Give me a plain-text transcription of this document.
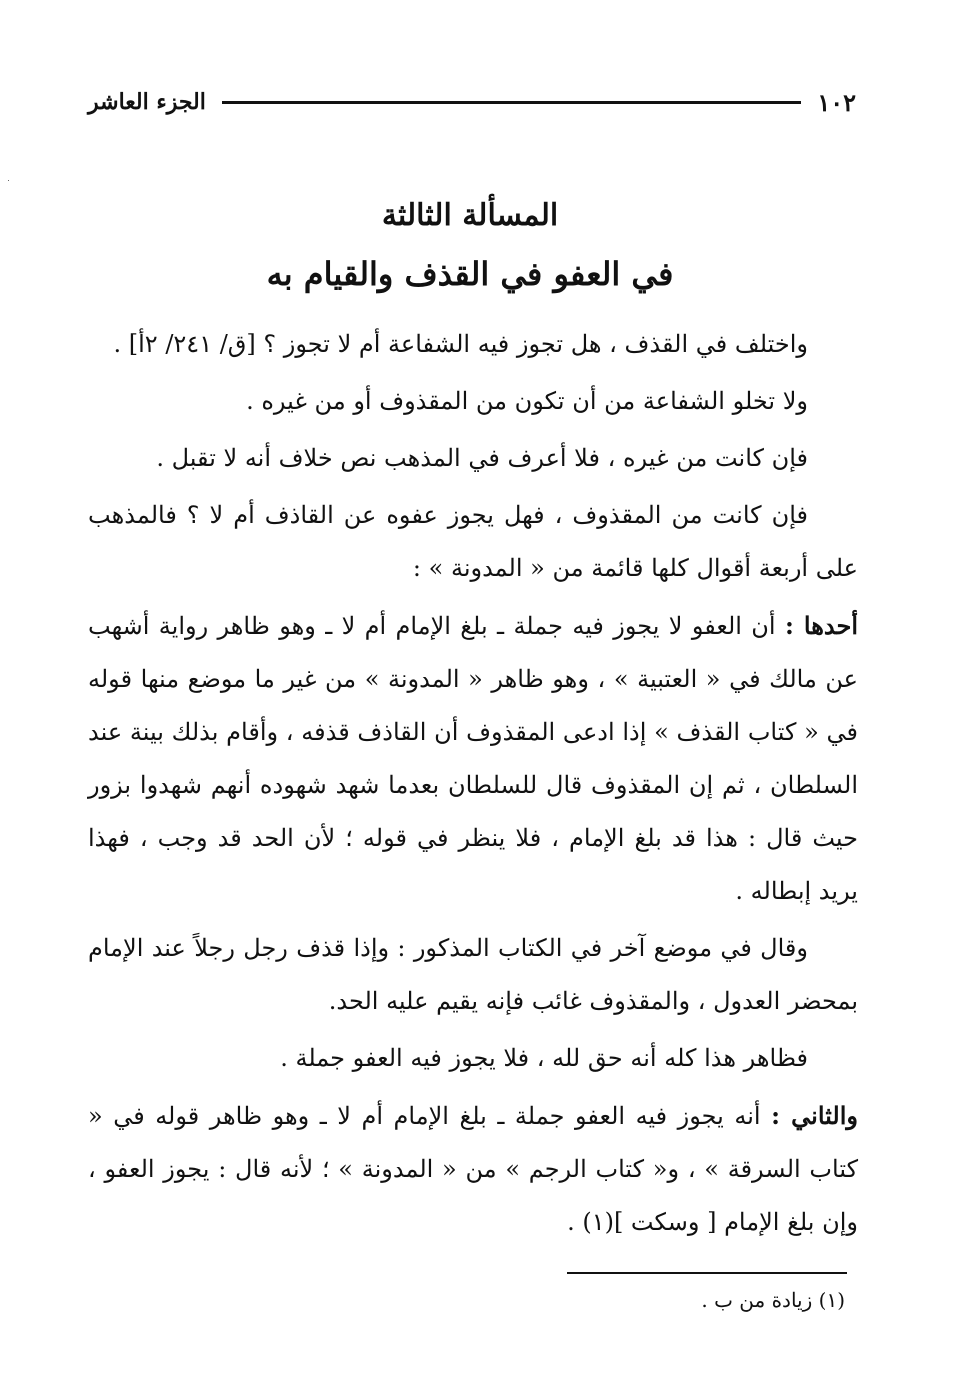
الجزء العاشر	١٠٢
المسألة الثالثة
في العفو في القذف والقيام به

واختلف في القذف ، هل تجوز فيه الشفاعة أم لا تجوز ؟ [ق/ ٢٤١/ ٢أ] .

ولا تخلو الشفاعة من أن تكون من المقذوف أو من غيره .

فإن كانت من غيره ، فلا أعرف في المذهب نص خلاف أنه لا تقبل .

فإن كانت من المقذوف ، فهل يجوز عفوه عن القاذف أم لا ؟ فالمذهب على أربعة أقوال كلها قائمة من « المدونة » :

أحدها : أن العفو لا يجوز فيه جملة ـ بلغ الإمام أم لا ـ وهو ظاهر رواية أشهب عن مالك في « العتبية » ، وهو ظاهر « المدونة » من غير ما موضع منها قوله في « كتاب القذف » إذا ادعى المقذوف أن القاذف قذفه ، وأقام بذلك بينة عند السلطان ، ثم إن المقذوف قال للسلطان بعدما شهد شهوده أنهم شهدوا بزور حيث قال : هذا قد بلغ الإمام ، فلا ينظر في قوله ؛ لأن الحد قد وجب ، فهذا يريد إبطاله .

وقال في موضع آخر في الكتاب المذكور : وإذا قذف رجل رجلاً عند الإمام بمحضر العدول ، والمقذوف غائب فإنه يقيم عليه الحد.

فظاهر هذا كله أنه حق لله ، فلا يجوز فيه العفو جملة .

والثاني : أنه يجوز فيه العفو جملة ـ بلغ الإمام أم لا ـ وهو ظاهر قوله في « كتاب السرقة » ، و« كتاب الرجم » من « المدونة » ؛ لأنه قال : يجوز العفو ، وإن بلغ الإمام [ وسكت ](١) .

(١) زيادة من ب .
